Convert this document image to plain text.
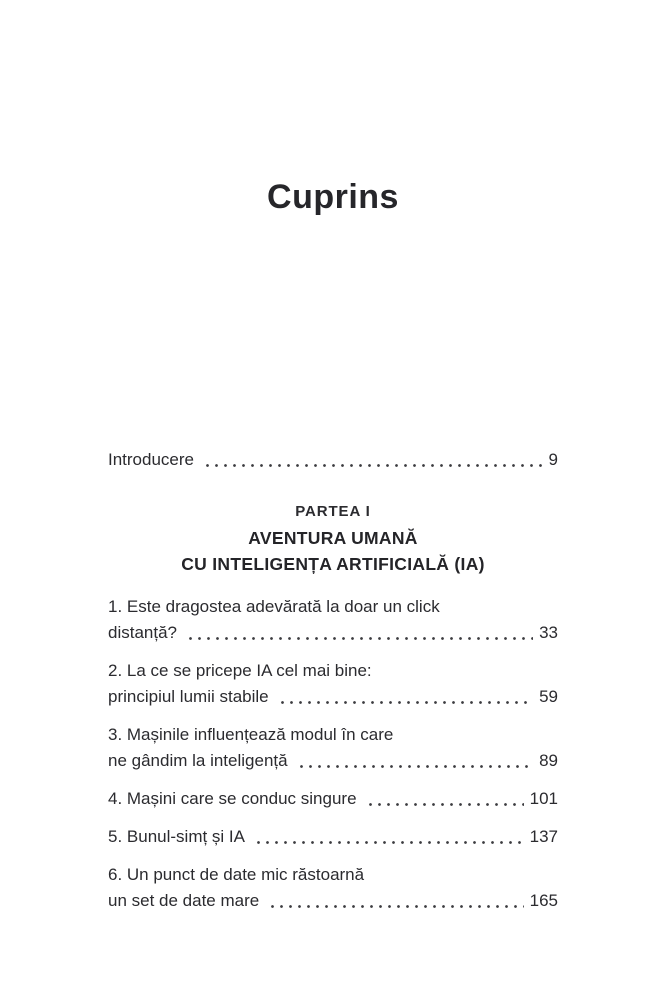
Cuprins
Introducere	9
PARTEA I
AVENTURA UMANĂ
CU INTELIGENȚA ARTIFICIALĂ (IA)
1. Este dragostea adevărată la doar un click
distanță?	33
2. La ce se pricepe IA cel mai bine:
principiul lumii stabile	59
3. Mașinile influențează modul în care
ne gândim la inteligență	89
4. Mașini care se conduc singure	101
5. Bunul-simț și IA	137
6. Un punct de date mic răstoarnă
un set de date mare	165
